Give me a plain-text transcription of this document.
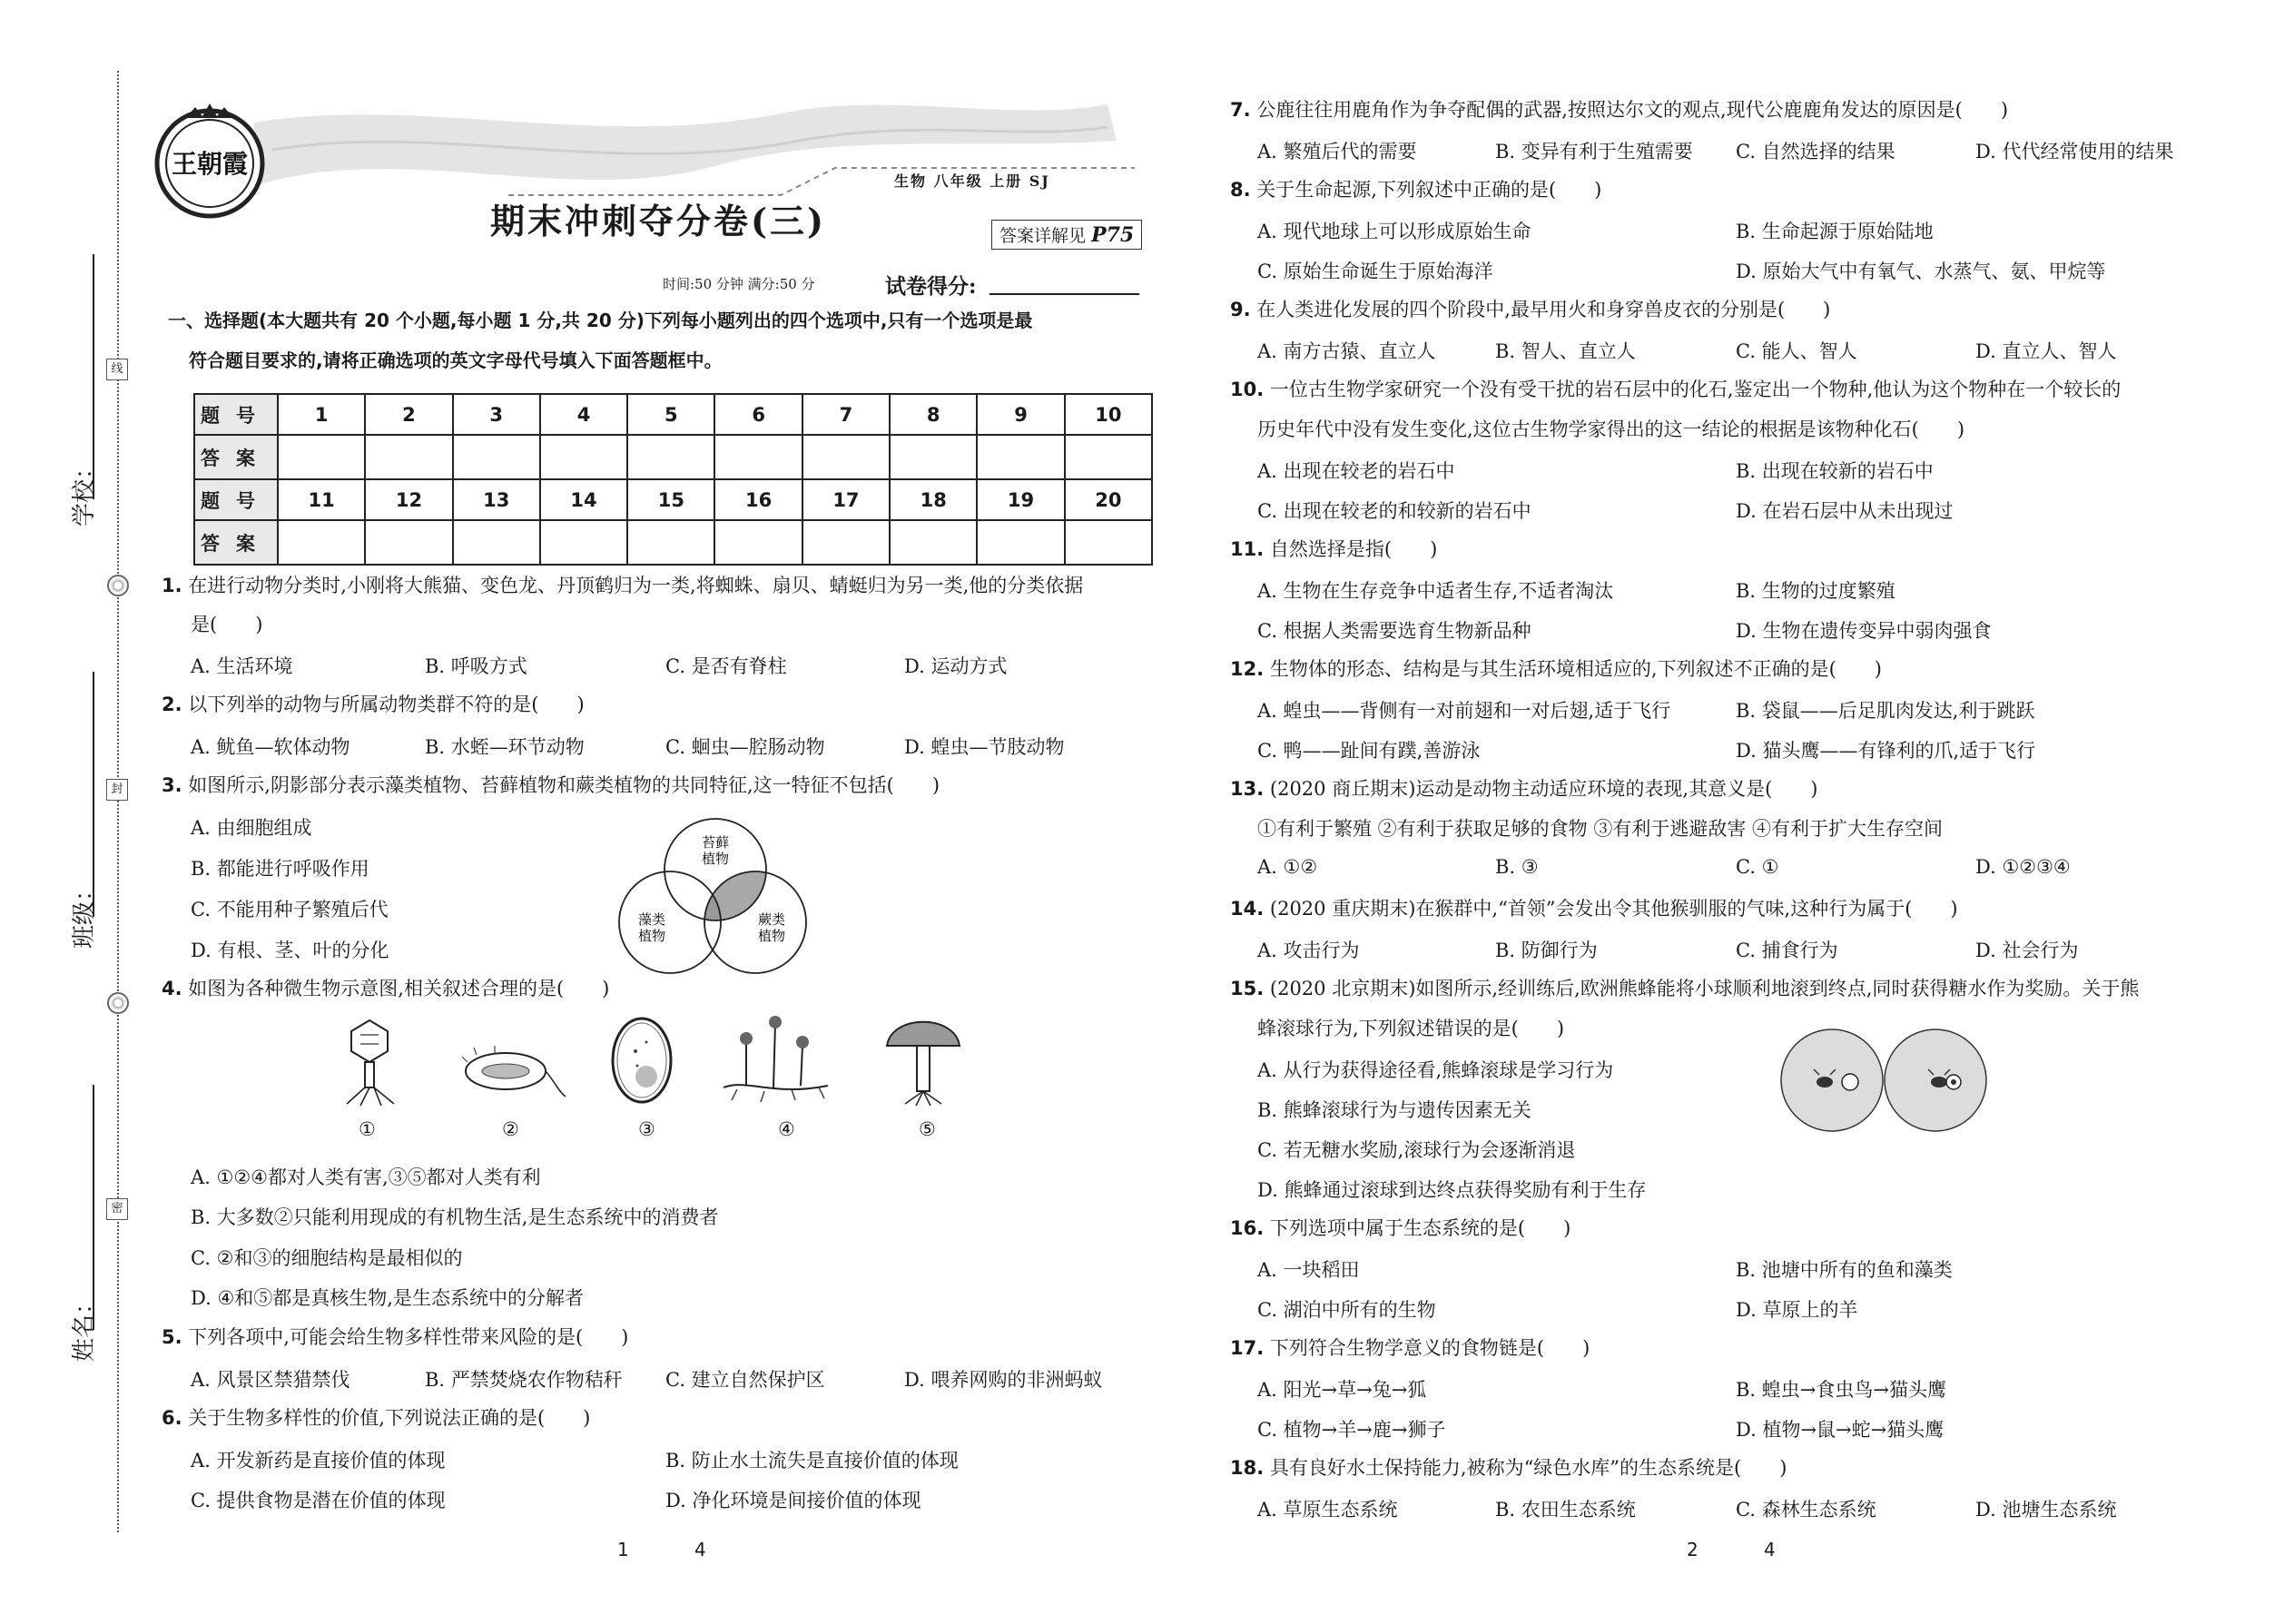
线
封
密
学校：
班级：
姓名：
王朝霞
生物 八年级 上册 SJ
期末冲刺夺分卷(三)	答案详解见 P75
时间:50 分钟 满分:50 分	试卷得分:
一、选择题(本大题共有 20 个小题,每小题 1 分,共 20 分)下列每小题列出的四个选项中,只有一个选项是最
符合题目要求的,请将正确选项的英文字母代号填入下面答题框中。
题号	1	2	3	4	5	6	7	8	9	10
答案										
题号	11	12	13	14	15	16	17	18	19	20
答案										
1. 在进行动物分类时,小刚将大熊猫、变色龙、丹顶鹤归为一类,将蜘蛛、扇贝、蜻蜓归为另一类,他的分类依据
是(　　)
A. 生活环境	B. 呼吸方式	C. 是否有脊柱	D. 运动方式
2. 以下列举的动物与所属动物类群不符的是(　　)
A. 鱿鱼—软体动物	B. 水蛭—环节动物	C. 蛔虫—腔肠动物	D. 蝗虫—节肢动物
3. 如图所示,阴影部分表示藻类植物、苔藓植物和蕨类植物的共同特征,这一特征不包括(　　)
A. 由细胞组成
B. 都能进行呼吸作用
C. 不能用种子繁殖后代
D. 有根、茎、叶的分化
苔藓
植物
藻类
植物
蕨类
植物
4. 如图为各种微生物示意图,相关叙述合理的是(　　)
①	②	③	④	⑤
A. ①②④都对人类有害,③⑤都对人类有利
B. 大多数②只能利用现成的有机物生活,是生态系统中的消费者
C. ②和③的细胞结构是最相似的
D. ④和⑤都是真核生物,是生态系统中的分解者
5. 下列各项中,可能会给生物多样性带来风险的是(　　)
A. 风景区禁猎禁伐	B. 严禁焚烧农作物秸秆 C. 建立自然保护区	D. 喂养网购的非洲蚂蚁
6. 关于生物多样性的价值,下列说法正确的是(　　)
A. 开发新药是直接价值的体现	B. 防止水土流失是直接价值的体现
C. 提供食物是潜在价值的体现	D. 净化环境是间接价值的体现
1	4
7. 公鹿往往用鹿角作为争夺配偶的武器,按照达尔文的观点,现代公鹿鹿角发达的原因是(　　)
A. 繁殖后代的需要	B. 变异有利于生殖需要 C. 自然选择的结果	D. 代代经常使用的结果
8. 关于生命起源,下列叙述中正确的是(　　)
A. 现代地球上可以形成原始生命	B. 生命起源于原始陆地
C. 原始生命诞生于原始海洋	D. 原始大气中有氧气、水蒸气、氨、甲烷等
9. 在人类进化发展的四个阶段中,最早用火和身穿兽皮衣的分别是(　　)
A. 南方古猿、直立人	B. 智人、直立人	C. 能人、智人	D. 直立人、智人
10. 一位古生物学家研究一个没有受干扰的岩石层中的化石,鉴定出一个物种,他认为这个物种在一个较长的
历史年代中没有发生变化,这位古生物学家得出的这一结论的根据是该物种化石(　　)
A. 出现在较老的岩石中	B. 出现在较新的岩石中
C. 出现在较老的和较新的岩石中	D. 在岩石层中从未出现过
11. 自然选择是指(　　)
A. 生物在生存竞争中适者生存,不适者淘汰	B. 生物的过度繁殖
C. 根据人类需要选育生物新品种	D. 生物在遗传变异中弱肉强食
12. 生物体的形态、结构是与其生活环境相适应的,下列叙述不正确的是(　　)
A. 蝗虫——背侧有一对前翅和一对后翅,适于飞行	B. 袋鼠——后足肌肉发达,利于跳跃
C. 鸭——趾间有蹼,善游泳	D. 猫头鹰——有锋利的爪,适于飞行
13. (2020 商丘期末)运动是动物主动适应环境的表现,其意义是(　　)
①有利于繁殖 ②有利于获取足够的食物 ③有利于逃避敌害 ④有利于扩大生存空间
A. ①②	B. ③	C. ①	D. ①②③④
14. (2020 重庆期末)在猴群中,“首领”会发出令其他猴驯服的气味,这种行为属于(　　)
A. 攻击行为	B. 防御行为	C. 捕食行为	D. 社会行为
15. (2020 北京期末)如图所示,经训练后,欧洲熊蜂能将小球顺利地滚到终点,同时获得糖水作为奖励。关于熊
蜂滚球行为,下列叙述错误的是(　　)
A. 从行为获得途径看,熊蜂滚球是学习行为
B. 熊蜂滚球行为与遗传因素无关
C. 若无糖水奖励,滚球行为会逐渐消退
D. 熊蜂通过滚球到达终点获得奖励有利于生存
16. 下列选项中属于生态系统的是(　　)
A. 一块稻田	B. 池塘中所有的鱼和藻类
C. 湖泊中所有的生物	D. 草原上的羊
17. 下列符合生物学意义的食物链是(　　)
A. 阳光→草→兔→狐	B. 蝗虫→食虫鸟→猫头鹰
C. 植物→羊→鹿→狮子	D. 植物→鼠→蛇→猫头鹰
18. 具有良好水土保持能力,被称为“绿色水库”的生态系统是(　　)
A. 草原生态系统	B. 农田生态系统	C. 森林生态系统	D. 池塘生态系统
2	4
